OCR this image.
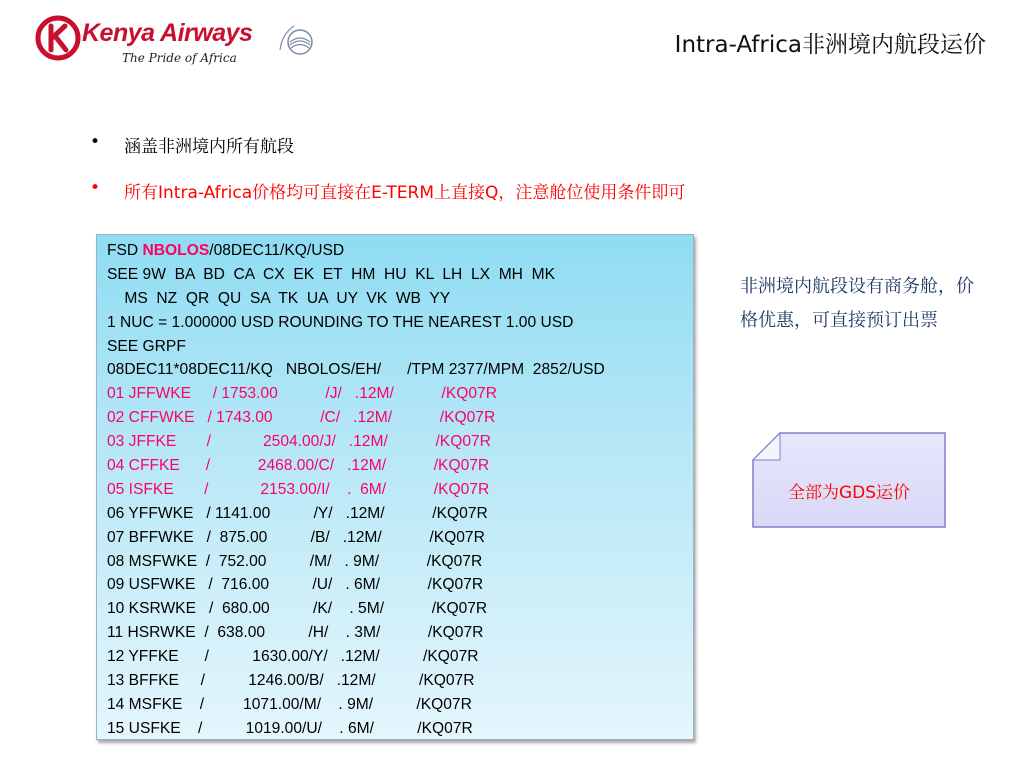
Kenya Airways
The Pride of Africa	Intra-Africa非洲境内航段运价
• 涵盖非洲境内所有航段
• 所有Intra-Africa价格均可直接在E-TERM上直接Q，注意舱位使用条件即可
FSD NBOLOS/08DEC11/KQ/USD
SEE 9W  BA  BD  CA  CX  EK  ET  HM  HU  KL  LH  LX  MH  MK
MS  NZ  QR  QU  SA  TK  UA  UY  VK  WB  YY
1 NUC = 1.000000 USD ROUNDING TO THE NEAREST 1.00 USD
SEE GRPF
08DEC11*08DEC11/KQ   NBOLOS/EH/      /TPM 2377/MPM  2852/USD
01 JFFWKE     / 1753.00           /J/   .12M/           /KQ07R
02 CFFWKE   / 1743.00           /C/   .12M/           /KQ07R
03 JFFKE       /            2504.00/J/   .12M/           /KQ07R
04 CFFKE      /           2468.00/C/   .12M/           /KQ07R
05 ISFKE       /            2153.00/I/    .  6M/           /KQ07R
06 YFFWKE   / 1141.00          /Y/   .12M/           /KQ07R
07 BFFWKE   /  875.00          /B/   .12M/           /KQ07R
08 MSFWKE  /  752.00          /M/   . 9M/           /KQ07R
09 USFWKE   /  716.00          /U/   . 6M/           /KQ07R
10 KSRWKE   /  680.00          /K/    . 5M/           /KQ07R
11 HSRWKE  /  638.00          /H/    . 3M/           /KQ07R
12 YFFKE      /          1630.00/Y/   .12M/          /KQ07R
13 BFFKE     /          1246.00/B/   .12M/          /KQ07R
14 MSFKE    /         1071.00/M/    . 9M/          /KQ07R
15 USFKE    /          1019.00/U/    . 6M/          /KQ07R
非洲境内航段设有商务舱，价格优惠，可直接预订出票
全部为GDS运价
